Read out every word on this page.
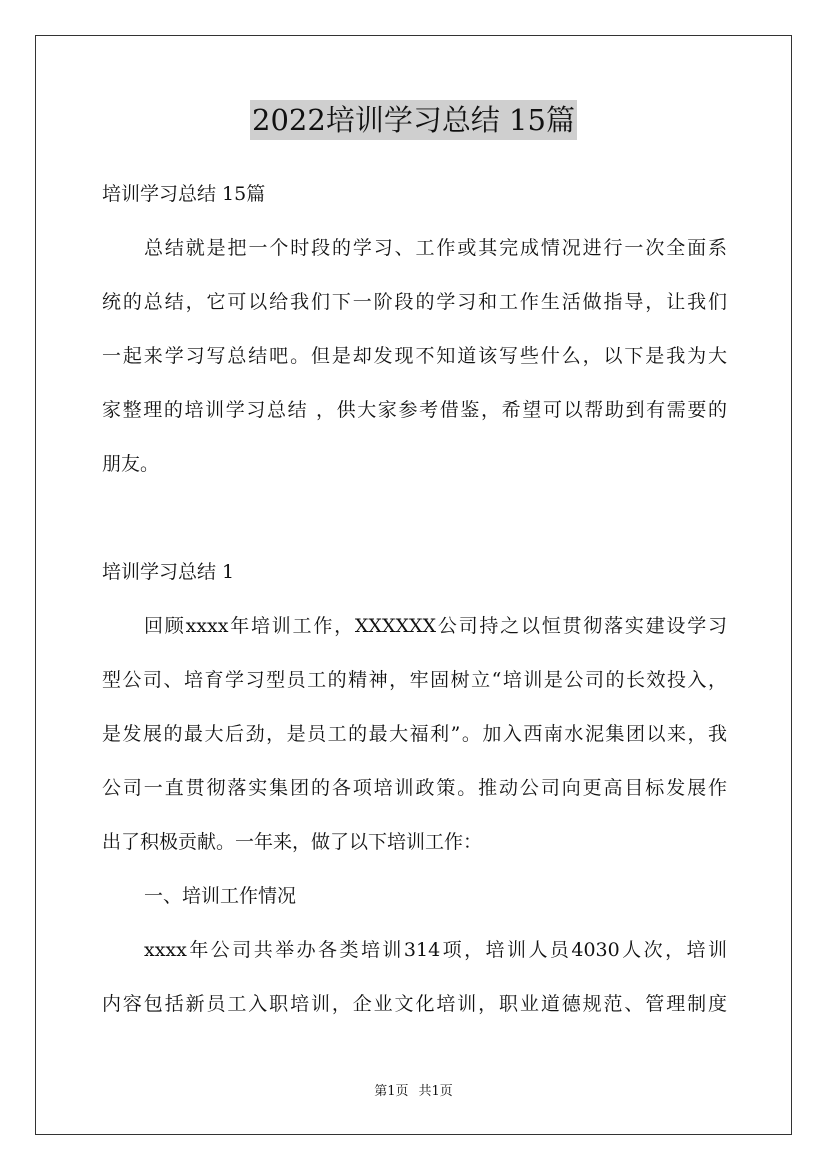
2022培训学习总结 15篇
培训学习总结 15篇
总结就是把一个时段的学习、工作或其完成情况进行一次全面系
统的总结，它可以给我们下一阶段的学习和工作生活做指导，让我们
一起来学习写总结吧。但是却发现不知道该写些什么，以下是我为大
家整理的培训学习总结 ，供大家参考借鉴，希望可以帮助到有需要的
朋友。
培训学习总结 1
回顾xxxx年培训工作，XXXXXX公司持之以恒贯彻落实建设学习
型公司、培育学习型员工的精神，牢固树立“培训是公司的长效投入，
是发展的最大后劲，是员工的最大福利”。加入西南水泥集团以来，我
公司一直贯彻落实集团的各项培训政策。推动公司向更高目标发展作
出了积极贡献。一年来，做了以下培训工作：
一、培训工作情况
xxxx年公司共举办各类培训314项，培训人员4030人次，培训
内容包括新员工入职培训，企业文化培训，职业道德规范、管理制度
第1页 共1页
